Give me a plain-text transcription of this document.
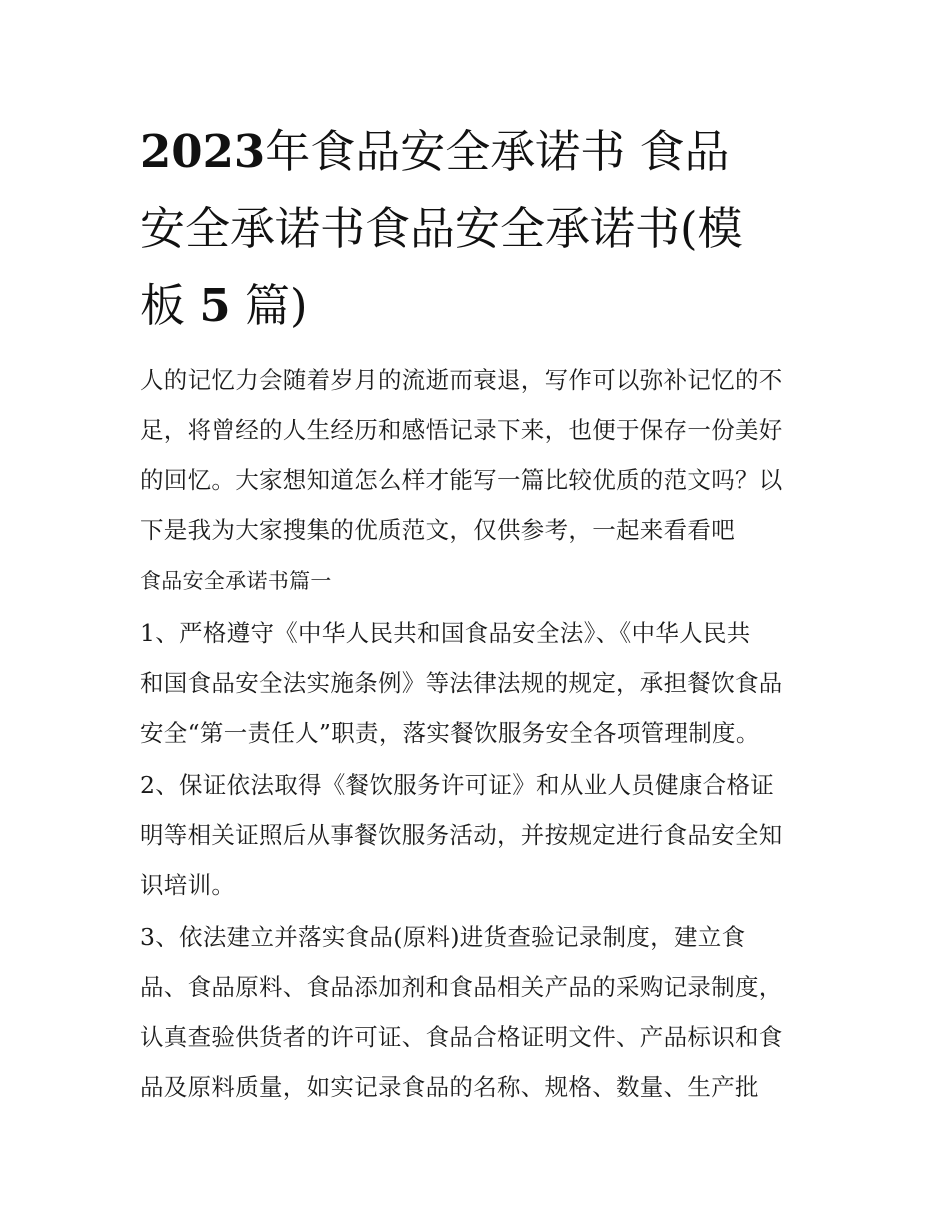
2023年食品安全承诺书 食品
安全承诺书食品安全承诺书(模
板 5 篇)
人的记忆力会随着岁月的流逝而衰退，写作可以弥补记忆的不
足，将曾经的人生经历和感悟记录下来，也便于保存一份美好
的回忆。大家想知道怎么样才能写一篇比较优质的范文吗？以
下是我为大家搜集的优质范文，仅供参考，一起来看看吧
食品安全承诺书篇一
1、严格遵守《中华人民共和国食品安全法》、《中华人民共
和国食品安全法实施条例》等法律法规的规定，承担餐饮食品
安全“第一责任人”职责，落实餐饮服务安全各项管理制度。
2、保证依法取得《餐饮服务许可证》和从业人员健康合格证
明等相关证照后从事餐饮服务活动，并按规定进行食品安全知
识培训。
3、依法建立并落实食品(原料)进货查验记录制度，建立食
品、食品原料、食品添加剂和食品相关产品的采购记录制度，
认真查验供货者的许可证、食品合格证明文件、产品标识和食
品及原料质量，如实记录食品的名称、规格、数量、生产批
